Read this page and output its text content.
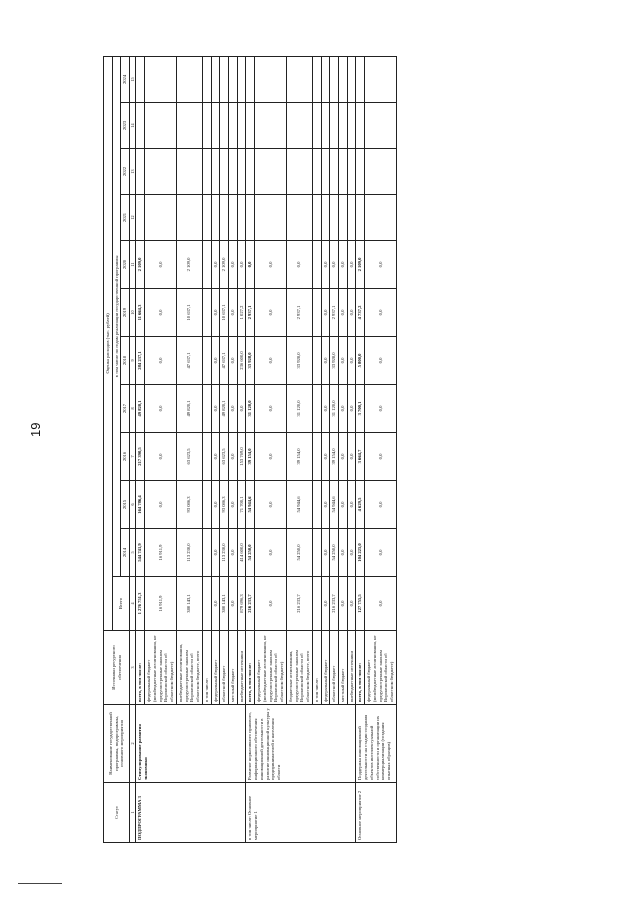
19
Статус	Наименование государственной программы, подпрограммы, основного мероприятия	Источники ресурсного обеспечения	Оценка расходов (тыс. рублей)											
			Всего	в том числе по годам реализации государственной программы										
				2014	2015	2016	2017	2018	2019	2020	2021	2022	2023	2024
1	2	3	4	5	6	7	8	9	10	11	12	13	14	15
ПОДПРОГРАММА 3	Стимулирование развития экономики	всего, в том числе:	1 276 751,3	544 741,9	164 786,4	217 390,5	49 820,1	284 237,1	11 664,3	2 109,0				
		федеральный бюджет (межбюджетные ассигнования, не предусмотренные законом Воронежской области об областном бюджете)	16 911,9	16 911,9	0,0	0,0	0,0	0,0	0,0	0,0				
		внебюджетные ассигнования, предусмотренные законом Воронежской области об областном бюджете, всего	380 143,1	113 230,0	93 086,3	63 623,5	49 820,1	47 637,1	10 637,1	2 109,0				
		в том числе:												
		федеральный бюджет	0,0	0,0	0,0	0,0	0,0	0,0	0,0	0,0				
		областной бюджет	380 143,1	113 230,0	93 086,3	63 623,5	49 820,1	47 637,1	10 637,1	2 109,0				
		местный бюджет	0,0	0,0	0,0	0,0	0,0	0,0	0,0	0,0				
		внебюджетные источники	879 696,3	414 600,0	71 700,1	153 769,0	0,0	236 600,0	1 027,2	0,0				
в том числе: Основное мероприятие 1	Развитие нормативного правового, информационного обеспечения инновационной деятельности в развитие инновационной культуры у предпринимателей и населения области	всего, в том числе:	216 233,7	54 250,0	54 944,6	39 154,0	31 120,0	33 928,0	2 937,1	0,0				
		федеральный бюджет (межбюджетные ассигнования, не предусмотренные законом Воронежской области об областном бюджете)	0,0	0,0	0,0	0,0	0,0	0,0	0,0	0,0				
		бюджетные ассигнования, предусмотренные законом Воронежской области об областном бюджете, всего	216 233,7	54 250,0	54 944,6	39 154,0	31 120,0	33 928,0	2 937,1	0,0				
		в том числе:												
		федеральный бюджет	0,0	0,0	0,0	0,0	0,0	0,0	0,0	0,0				
		областной бюджет	216 233,7	54 250,0	54 944,6	39 154,0	31 120,0	33 928,0	2 937,1	0,0				
		местный бюджет	0,0	0,0	0,0	0,0	0,0	0,0	0,0	0,0				
		внебюджетные источники	0,0	0,0	0,0	0,0	0,0	0,0	0,0	0,0				
Основное мероприятие 2	Поддержка инновационной деятельности на стадии создания объектов интеллектуальной собственности и организации их коммерциализации (создания опытных образцов)	всего, в том числе:	127 755,5	104 225,0	4 629,5	3 664,7	3 700,1	5 800,0	4 737,2	2 109,0				
		федеральный бюджет (межбюджетные ассигнования, не предусмотренные законом Воронежской области об областном бюджете)	0,0	0,0	0,0	0,0	0,0	0,0	0,0	0,0				
